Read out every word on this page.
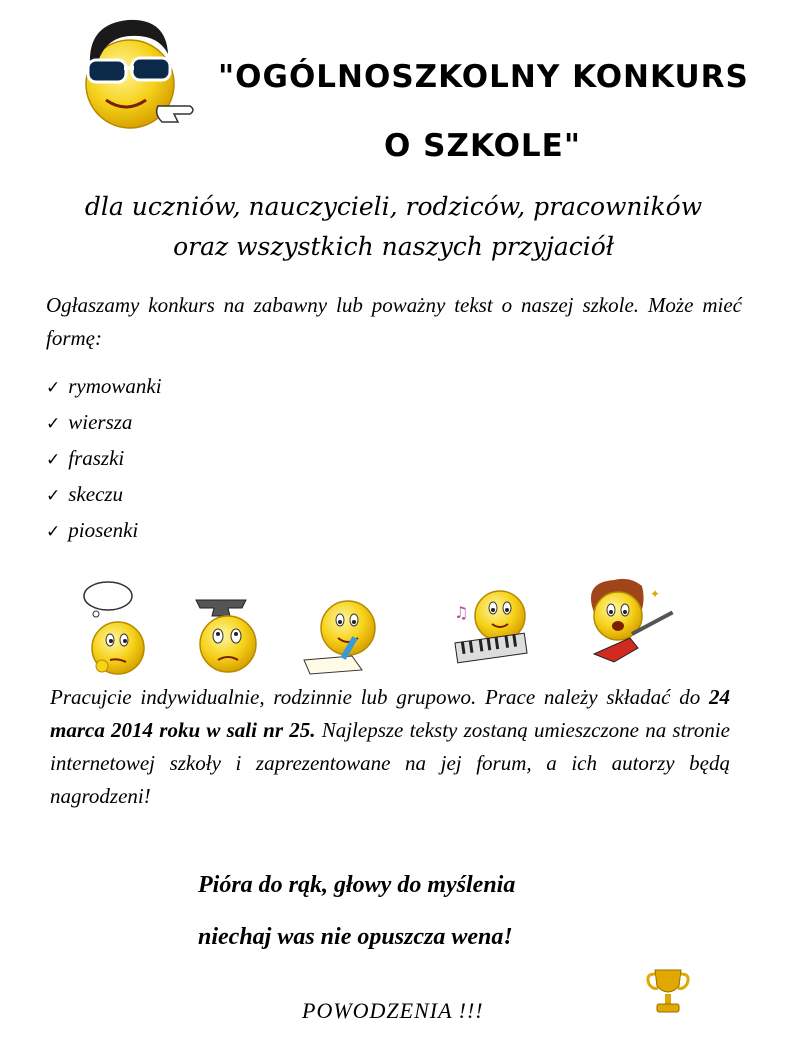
"OGÓLNOSZKOLNY KONKURS
O SZKOLE"
dla uczniów, nauczycieli, rodziców, pracowników
oraz wszystkich naszych przyjaciół
Ogłaszamy konkurs na zabawny lub poważny tekst o naszej szkole. Może mieć formę:
✓ rymowanki
✓ wiersza
✓ fraszki
✓ skeczu
✓ piosenki
♫
✦
Pracujcie indywidualnie, rodzinnie lub grupowo. Prace należy składać do 24 marca 2014 roku w sali nr 25. Najlepsze teksty zostaną umieszczone na stronie internetowej szkoły i zaprezentowane na jej forum, a ich autorzy będą nagrodzeni!
Pióra do rąk, głowy do myślenia
niechaj was nie opuszcza wena!
POWODZENIA !!!
